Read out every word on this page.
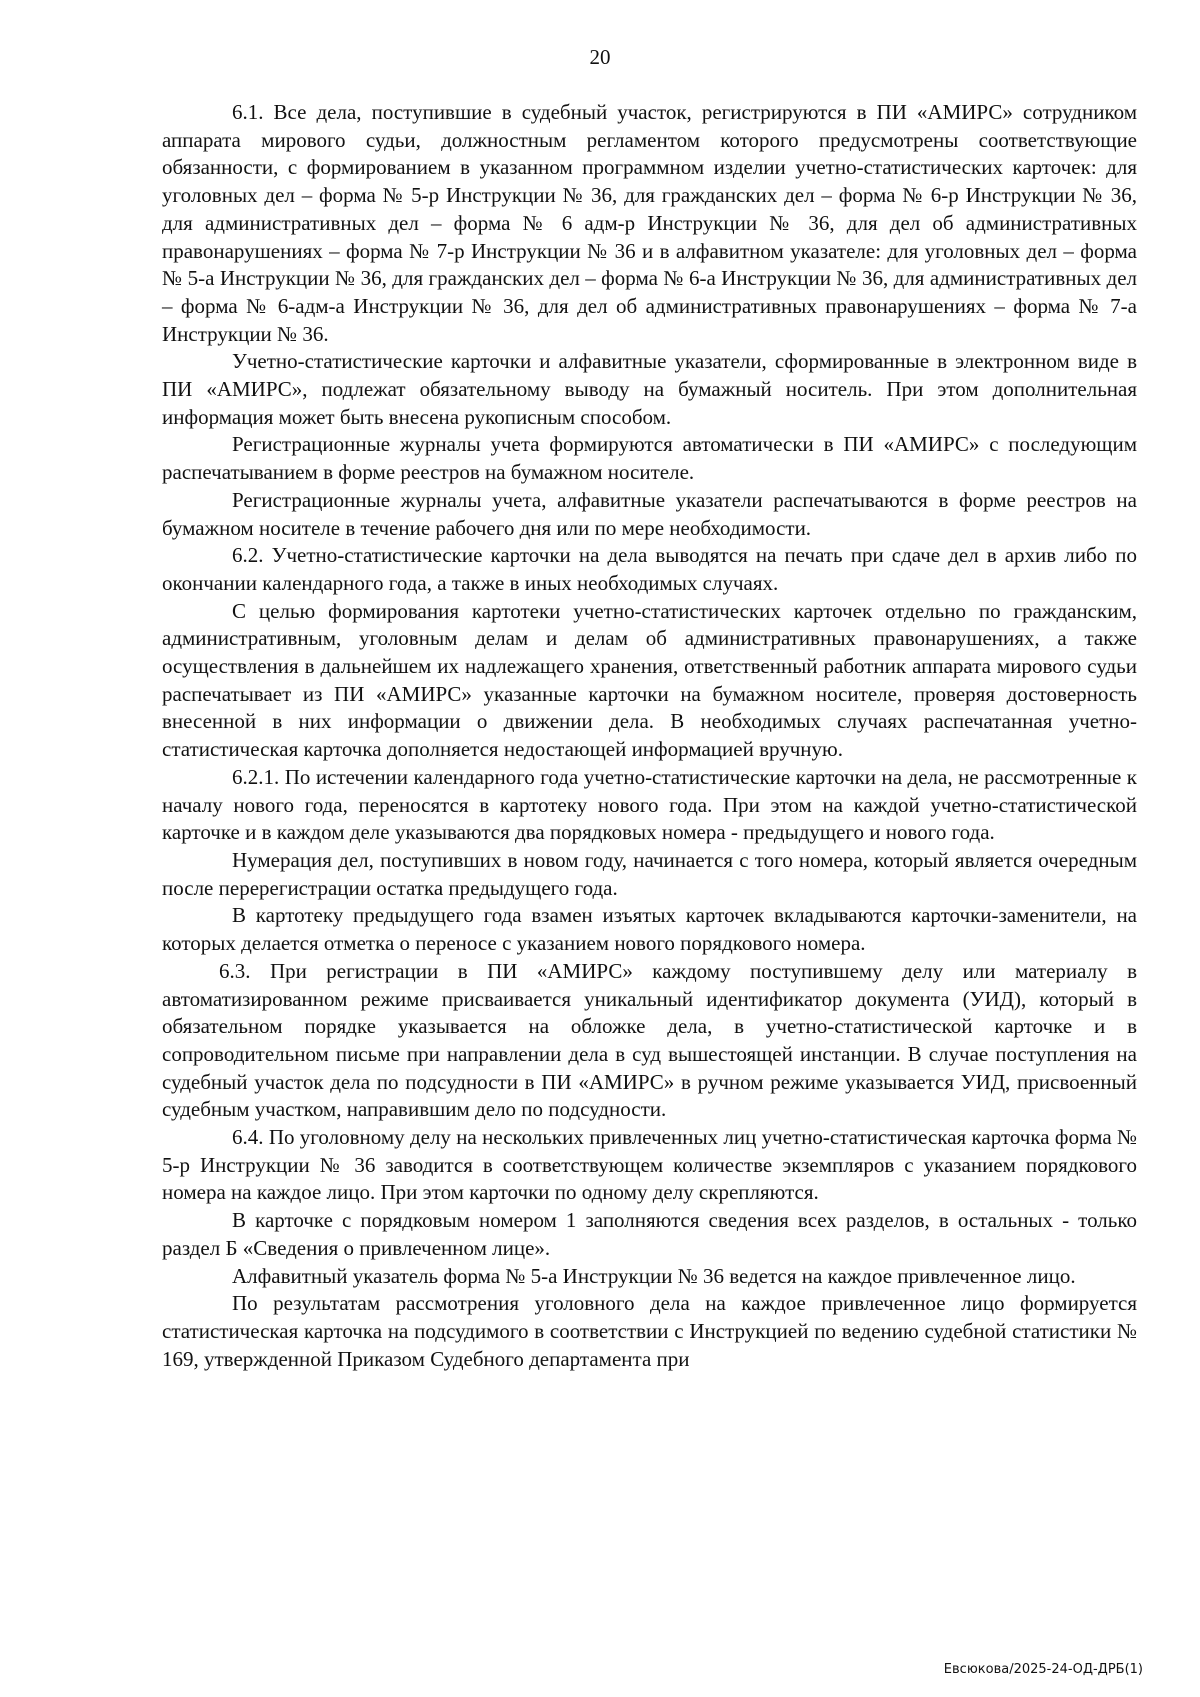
20

6.1. Все дела, поступившие в судебный участок, регистрируются в ПИ «АМИРС» сотрудником аппарата мирового судьи, должностным регламентом которого предусмотрены соответствующие обязанности, с формированием в указанном программном изделии учетно-статистических карточек: для уголовных дел – форма № 5-р Инструкции № 36, для гражданских дел – форма № 6-р Инструкции № 36, для административных дел – форма № 6 адм-р Инструкции № 36, для дел об административных правонарушениях – форма № 7-р Инструкции № 36 и в алфавитном указателе: для уголовных дел – форма № 5-а Инструкции № 36, для гражданских дел – форма № 6-а Инструкции № 36, для административных дел – форма № 6-адм-а Инструкции № 36, для дел об административных правонарушениях – форма № 7-а Инструкции № 36.

Учетно-статистические карточки и алфавитные указатели, сформированные в электронном виде в ПИ «АМИРС», подлежат обязательному выводу на бумажный носитель. При этом дополнительная информация может быть внесена рукописным способом.

Регистрационные журналы учета формируются автоматически в ПИ «АМИРС» с последующим распечатыванием в форме реестров на бумажном носителе.

Регистрационные журналы учета, алфавитные указатели распечатываются в форме реестров на бумажном носителе в течение рабочего дня или по мере необходимости.

6.2. Учетно-статистические карточки на дела выводятся на печать при сдаче дел в архив либо по окончании календарного года, а также в иных необходимых случаях.

С целью формирования картотеки учетно-статистических карточек отдельно по гражданским, административным, уголовным делам и делам об административных правонарушениях, а также осуществления в дальнейшем их надлежащего хранения, ответственный работник аппарата мирового судьи распечатывает из ПИ «АМИРС» указанные карточки на бумажном носителе, проверяя достоверность внесенной в них информации о движении дела. В необходимых случаях распечатанная учетно-статистическая карточка дополняется недостающей информацией вручную.

6.2.1. По истечении календарного года учетно-статистические карточки на дела, не рассмотренные к началу нового года, переносятся в картотеку нового года. При этом на каждой учетно-статистической карточке и в каждом деле указываются два порядковых номера - предыдущего и нового года.

Нумерация дел, поступивших в новом году, начинается с того номера, который является очередным после перерегистрации остатка предыдущего года.

В картотеку предыдущего года взамен изъятых карточек вкладываются карточки-заменители, на которых делается отметка о переносе с указанием нового порядкового номера.

6.3. При регистрации в ПИ «АМИРС» каждому поступившему делу или материалу в автоматизированном режиме присваивается уникальный идентификатор документа (УИД), который в обязательном порядке указывается на обложке дела, в учетно-статистической карточке и в сопроводительном письме при направлении дела в суд вышестоящей инстанции. В случае поступления на судебный участок дела по подсудности в ПИ «АМИРС» в ручном режиме указывается УИД, присвоенный судебным участком, направившим дело по подсудности.

6.4. По уголовному делу на нескольких привлеченных лиц учетно-статистическая карточка форма № 5-р Инструкции № 36 заводится в соответствующем количестве экземпляров с указанием порядкового номера на каждое лицо. При этом карточки по одному делу скрепляются.

В карточке с порядковым номером 1 заполняются сведения всех разделов, в остальных - только раздел Б «Сведения о привлеченном лице».

Алфавитный указатель форма № 5-а Инструкции № 36 ведется на каждое привлеченное лицо.

По результатам рассмотрения уголовного дела на каждое привлеченное лицо формируется статистическая карточка на подсудимого в соответствии с Инструкцией по ведению судебной статистики № 169, утвержденной Приказом Судебного департамента при

Евсюкова/2025-24-ОД-ДРБ(1)
